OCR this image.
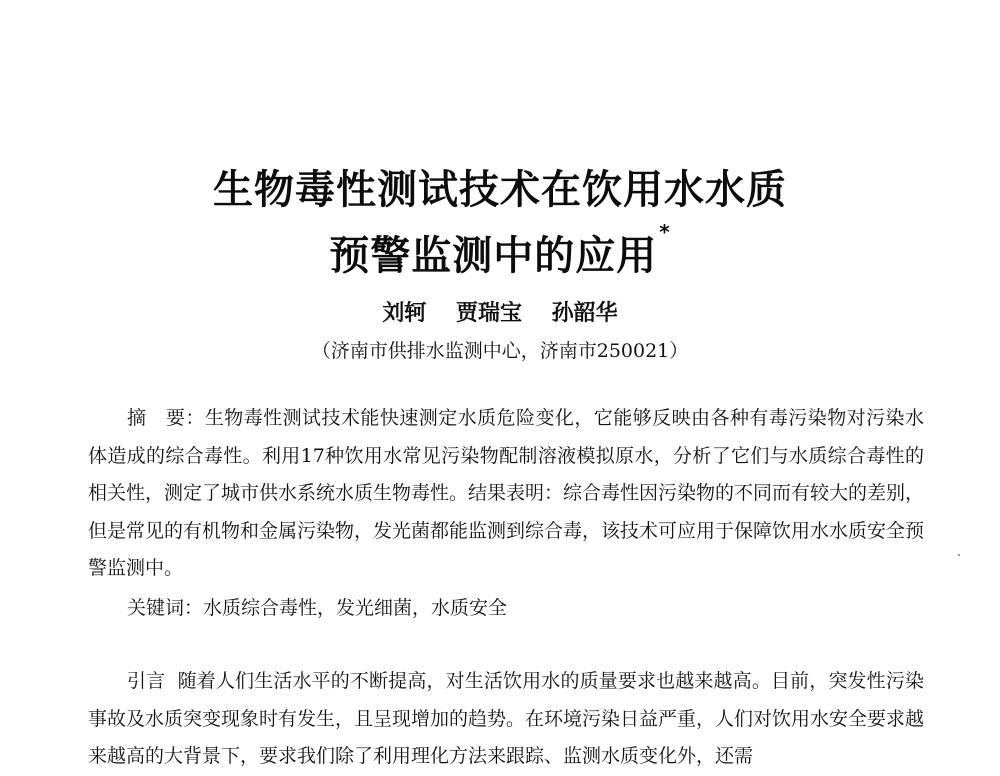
生物毒性测试技术在饮用水水质
预警监测中的应用*
刘轲 贾瑞宝 孙韶华
（济南市供排水监测中心，济南市250021）

摘　要：生物毒性测试技术能快速测定水质危险变化，它能够反映由各种有毒污染物对污染水体造成的综合毒性。利用17种饮用水常见污染物配制溶液模拟原水，分析了它们与水质综合毒性的相关性，测定了城市供水系统水质生物毒性。结果表明：综合毒性因污染物的不同而有较大的差别，但是常见的有机物和金属污染物，发光菌都能监测到综合毒，该技术可应用于保障饮用水水质安全预警监测中。

关键词：水质综合毒性，发光细菌，水质安全

引言 随着人们生活水平的不断提高，对生活饮用水的质量要求也越来越高。目前，突发性污染事故及水质突变现象时有发生，且呈现增加的趋势。在环境污染日益严重，人们对饮用水安全要求越来越高的大背景下，要求我们除了利用理化方法来跟踪、监测水质变化外，还需
